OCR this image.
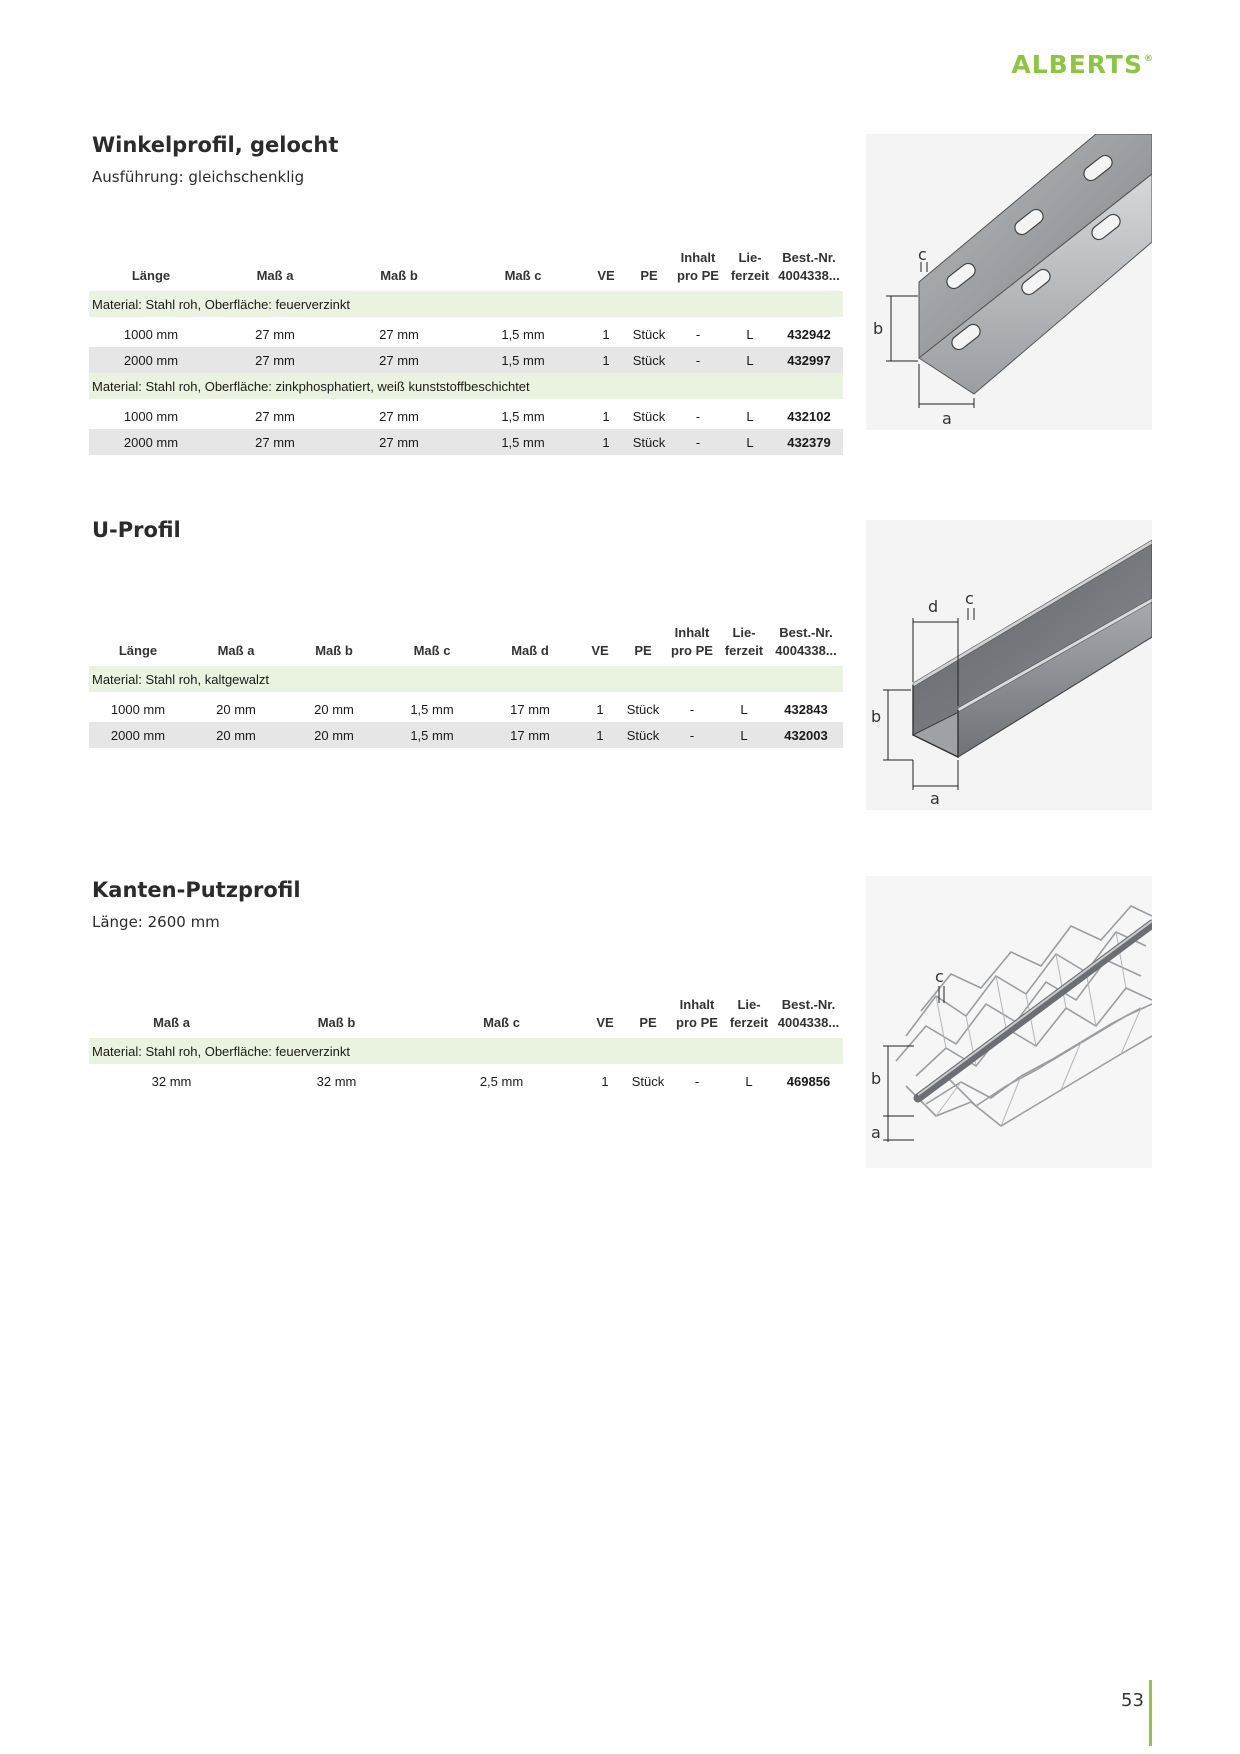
ALBERTS®
Winkelprofil, gelocht

Ausführung: gleichschenklig

Länge	Maß a	Maß b	Maß c	VE	PE	Inhalt pro PE	Lie- ferzeit	Best.-Nr. 4004338...
Material: Stahl roh, Oberfläche: feuerverzinkt								

1000 mm	27 mm	27 mm	1,5 mm	1	Stück	-	L	432942
2000 mm	27 mm	27 mm	1,5 mm	1	Stück	-	L	432997
Material: Stahl roh, Oberfläche: zinkphosphatiert, weiß kunststoffbeschichtet								

1000 mm	27 mm	27 mm	1,5 mm	1	Stück	-	L	432102
2000 mm	27 mm	27 mm	1,5 mm	1	Stück	-	L	432379
c
b
a
U-Profil
Länge	Maß a	Maß b	Maß c	Maß d	VE	PE	Inhalt pro PE	Lie- ferzeit	Best.-Nr. 4004338...
Material: Stahl roh, kaltgewalzt									

1000 mm	20 mm	20 mm	1,5 mm	17 mm	1	Stück	-	L	432843
2000 mm	20 mm	20 mm	1,5 mm	17 mm	1	Stück	-	L	432003
d c
b
a
Kanten-Putzprofil

Länge: 2600 mm

Maß a	Maß b	Maß c	VE	PE	Inhalt pro PE	Lie- ferzeit	Best.-Nr. 4004338...
Material: Stahl roh, Oberfläche: feuerverzinkt							

32 mm	32 mm	2,5 mm	1	Stück	-	L	469856
c
b
a
53
